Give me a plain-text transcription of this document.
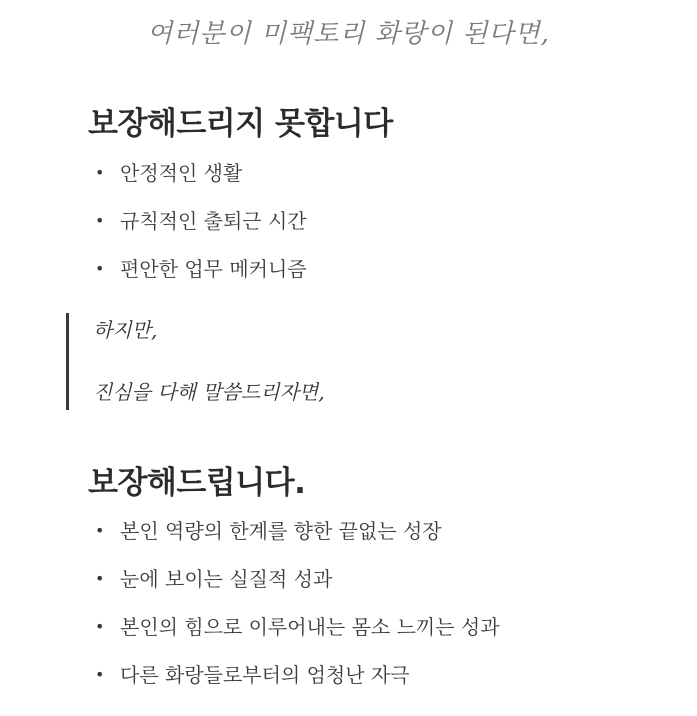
여러분이 미팩토리 화랑이 된다면,
보장해드리지 못합니다
• 안정적인 생활
• 규칙적인 출퇴근 시간
• 편안한 업무 메커니즘

하지만,

진심을 다해 말씀드리자면,

보장해드립니다.
• 본인 역량의 한계를 향한 끝없는 성장
• 눈에 보이는 실질적 성과
• 본인의 힘으로 이루어내는 몸소 느끼는 성과
• 다른 화랑들로부터의 엄청난 자극
